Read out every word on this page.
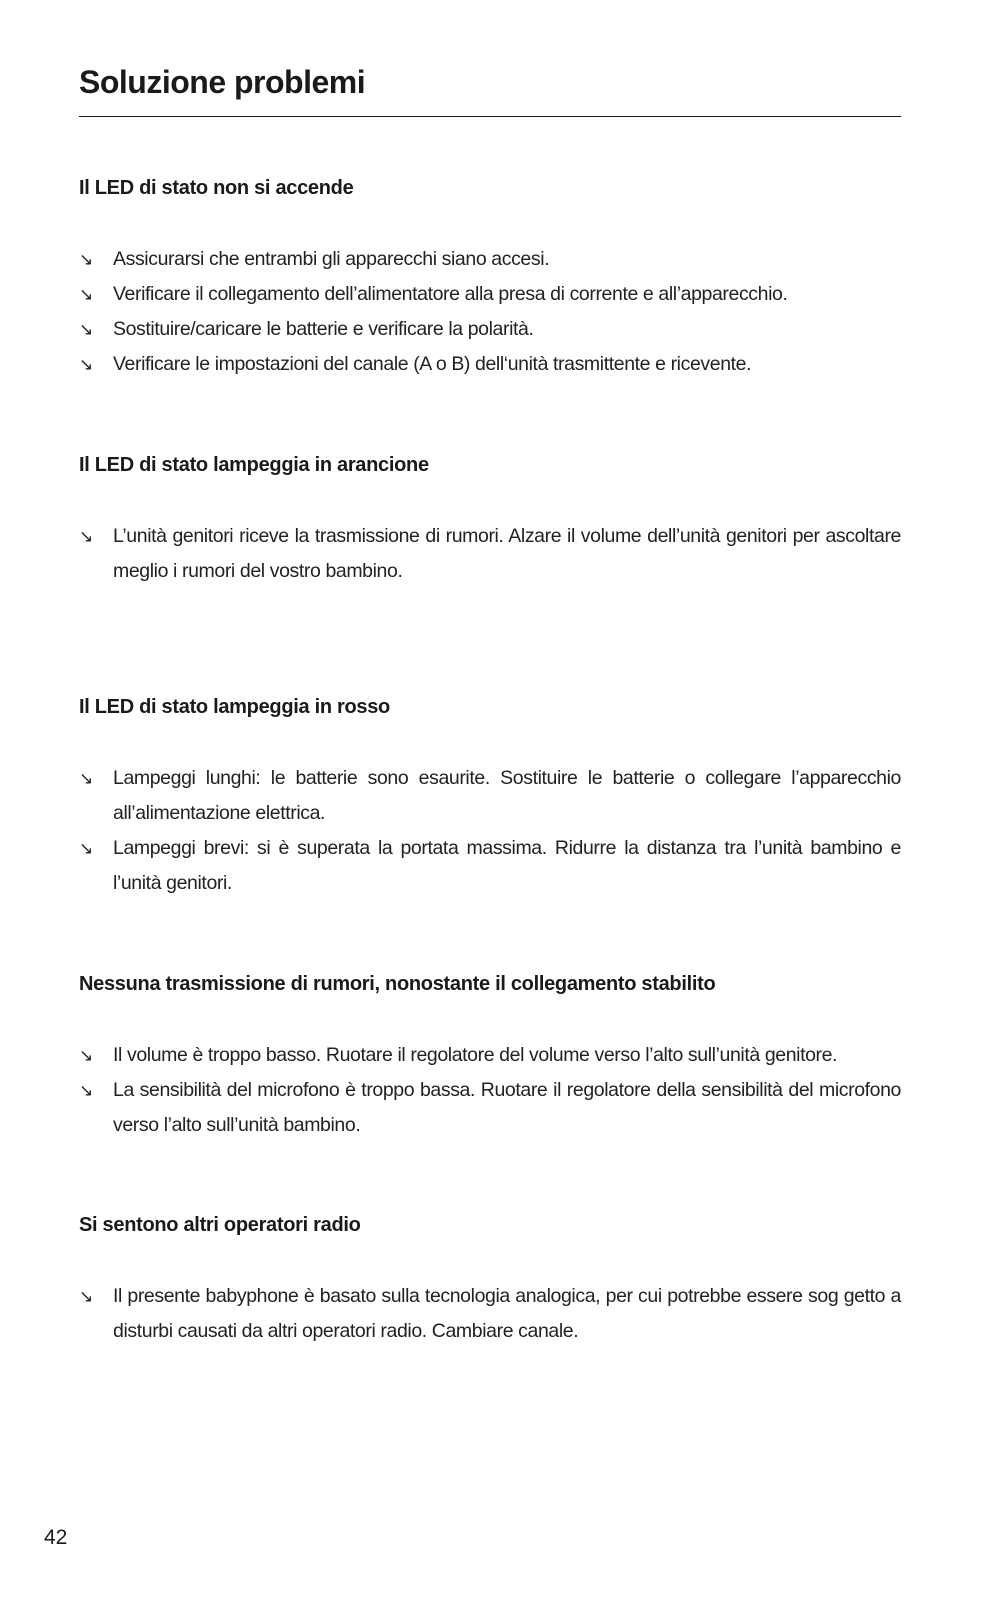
Soluzione problemi
Il LED di stato non si accende
↘ Assicurarsi che entrambi gli apparecchi siano accesi.
↘ Verificare il collegamento dell’alimentatore alla presa di corrente e all’apparecchio.
↘ Sostituire/caricare le batterie e verificare la polarità.
↘ Verificare le impostazioni del canale (A o B) dell‘unità trasmittente e ricevente.
Il LED di stato lampeggia in arancione
↘ L’unità genitori riceve la trasmissione di rumori. Alzare il volume dell’unità genitori per ascoltare meglio i rumori del vostro bambino.
Il LED di stato lampeggia in rosso
↘ Lampeggi lunghi: le batterie sono esaurite. Sostituire le batterie o collegare l’apparecchio all’alimentazione elettrica.
↘ Lampeggi brevi: si è superata la portata massima. Ridurre la distanza tra l’unità bambino e l’unità genitori.
Nessuna trasmissione di rumori, nonostante il collegamento stabilito
↘ Il volume è troppo basso. Ruotare il regolatore del volume verso l’alto sull’unità genitore.
↘ La sensibilità del microfono è troppo bassa. Ruotare il regolatore della sensibilità del microfono verso l’alto sull’unità bambino.
Si sentono altri operatori radio
↘ Il presente babyphone è basato sulla tecnologia analogica, per cui potrebbe essere sog getto a disturbi causati da altri operatori radio. Cambiare canale.
42
